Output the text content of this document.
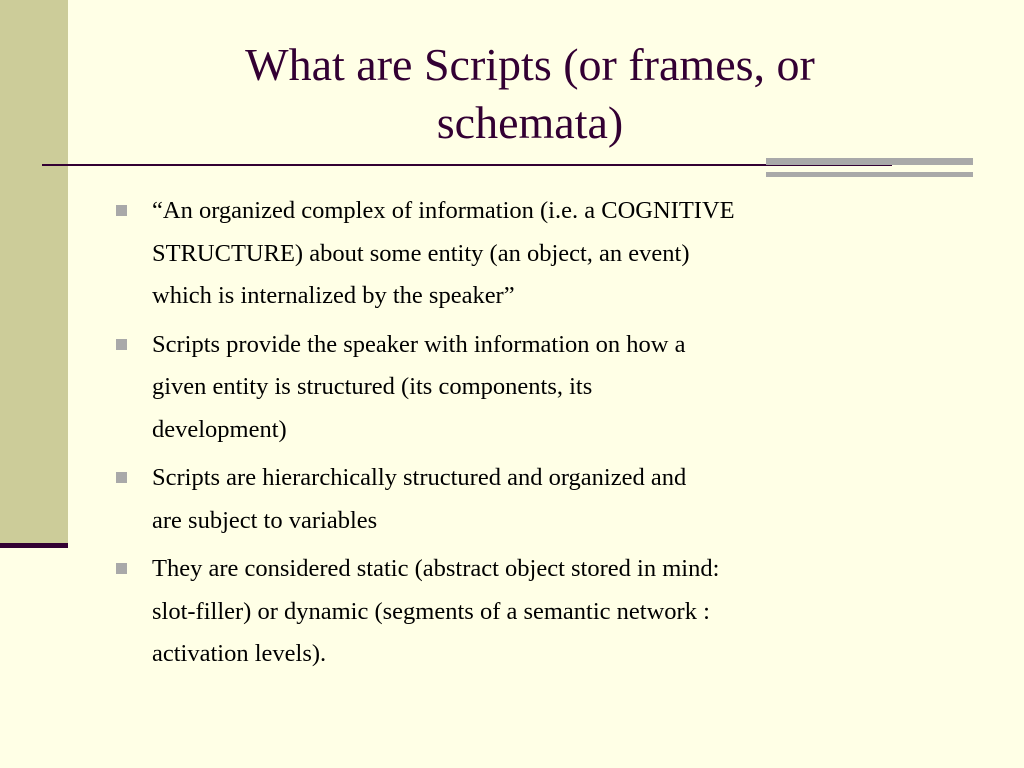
What are Scripts (or frames, or
schemata)
“An organized complex of information (i.e. a COGNITIVE
STRUCTURE) about some entity (an object, an event)
which is internalized by the speaker”
Scripts provide the speaker with information on how a
given entity is structured (its components, its
development)
Scripts are hierarchically structured and organized and
are subject to variables
They are considered static (abstract object stored in mind:
slot-filler) or dynamic (segments of a semantic network :
activation levels).
